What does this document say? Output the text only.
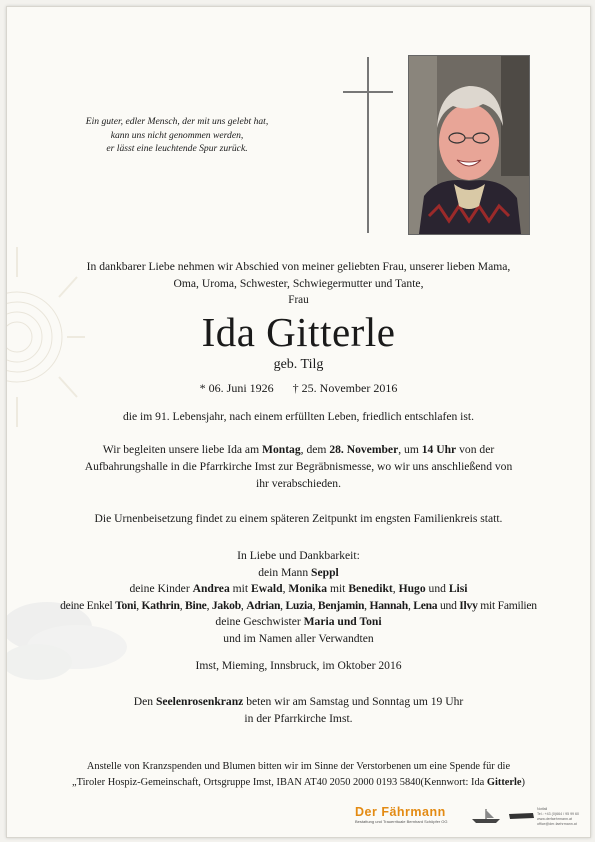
Ein guter, edler Mensch, der mit uns gelebt hat,
kann uns nicht genommen werden,
er lässt eine leuchtende Spur zurück.
In dankbarer Liebe nehmen wir Abschied von meiner geliebten Frau, unserer lieben Mama,
Oma, Uroma, Schwester, Schwiegermutter und Tante,
Frau
Ida Gitterle
geb. Tilg
* 06. Juni 1926 † 25. November 2016
die im 91. Lebensjahr, nach einem erfüllten Leben, friedlich entschlafen ist.
Wir begleiten unsere liebe Ida am Montag, dem 28. November, um 14 Uhr von der
Aufbahrungshalle in die Pfarrkirche Imst zur Begräbnismesse, wo wir uns anschließend von
ihr verabschieden.
Die Urnenbeisetzung findet zu einem späteren Zeitpunkt im engsten Familienkreis statt.
In Liebe und Dankbarkeit:
dein Mann Seppl
deine Kinder Andrea mit Ewald, Monika mit Benedikt, Hugo und Lisi
deine Enkel Toni, Kathrin, Bine, Jakob, Adrian, Luzia, Benjamin, Hannah, Lena und Ilvy mit Familien
deine Geschwister Maria und Toni
und im Namen aller Verwandten
Imst, Mieming, Innsbruck, im Oktober 2016
Den Seelenrosenkranz beten wir am Samstag und Sonntag um 19 Uhr
in der Pfarrkirche Imst.
Anstelle von Kranzspenden und Blumen bitten wir im Sinne der Verstorbenen um eine Spende für die
„Tiroler Hospiz-Gemeinschaft, Ortsgruppe Imst, IBAN AT40 2050 2000 0193 5840(Kennwort: Ida Gitterle)
Der Fährmann
Bestattung und Trauerrituale Bernhard Schöpfer OG
Notfall
Tel.: +43 (0)664 / 95 99 60
www.derfaehrmann.at office@der-faehrmann.at
